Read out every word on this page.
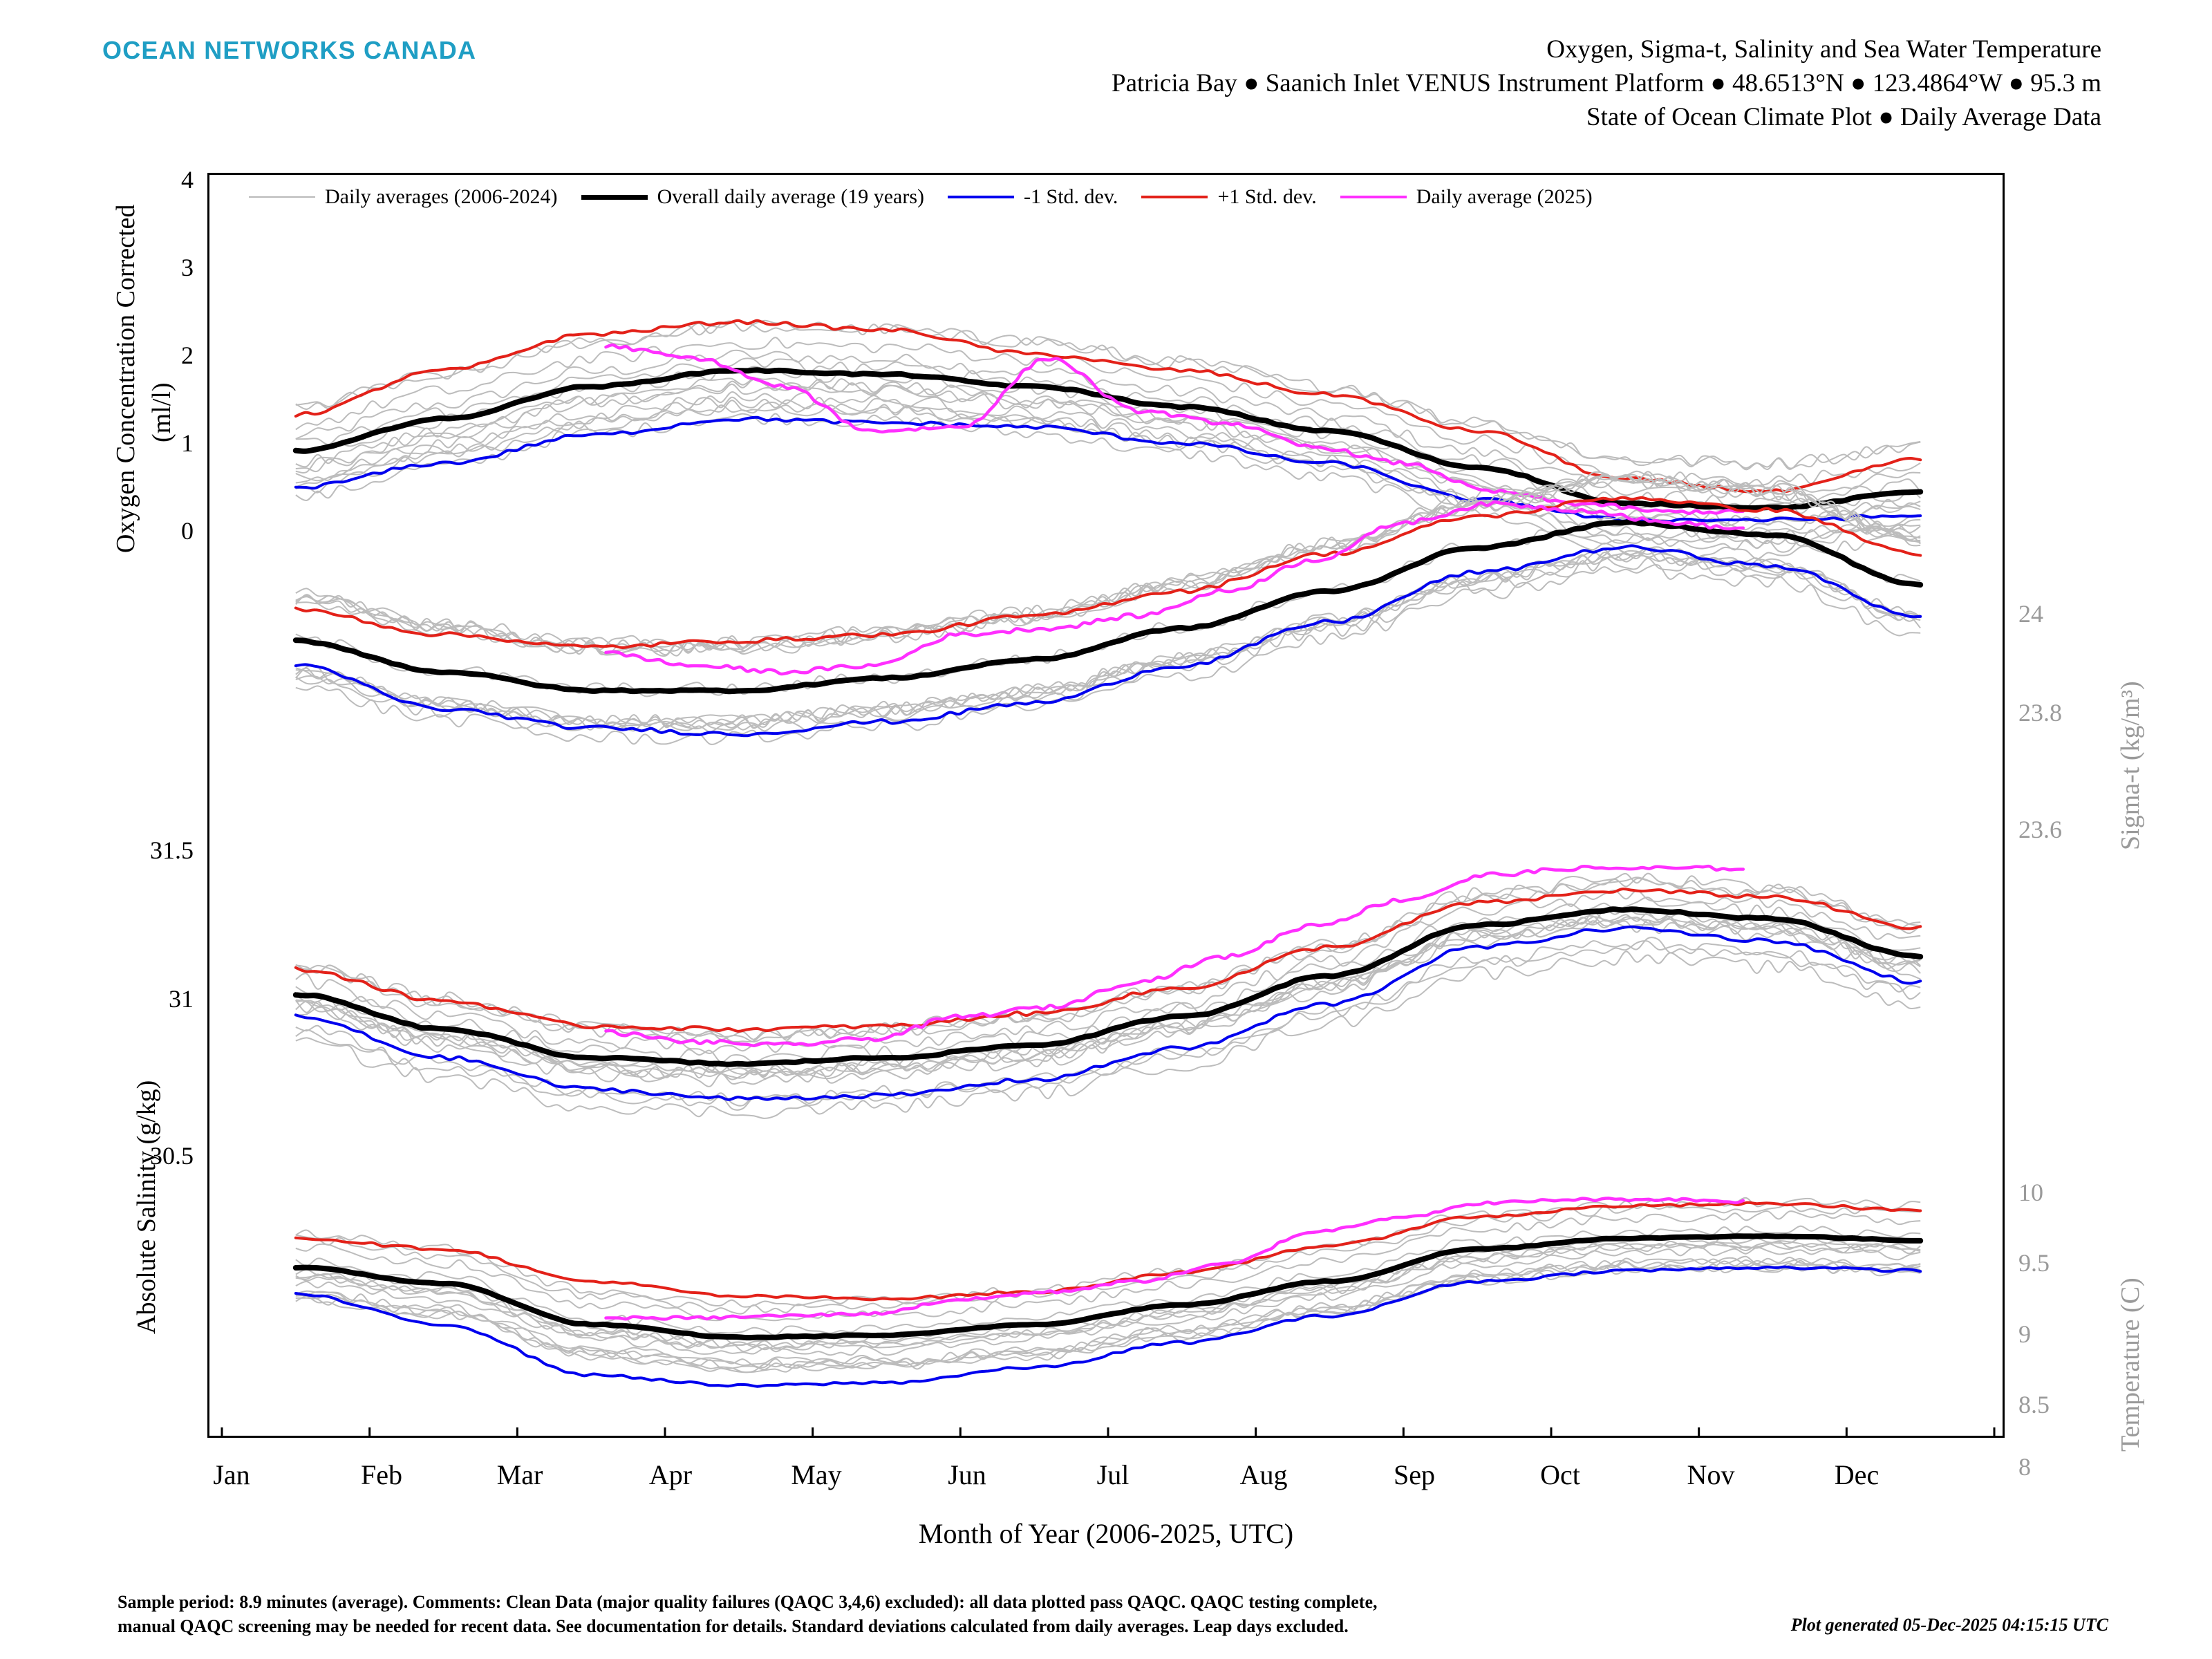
OCEAN NETWORKS CANADA	Oxygen, Sigma-t, Salinity and Sea Water Temperature
Patricia Bay ● Saanich Inlet VENUS Instrument Platform ● 48.6513°N ● 123.4864°W ● 95.3 m
State of Ocean Climate Plot ● Daily Average Data
Oxygen Concentration Corrected (ml/l)
Absolute Salinity (g/kg)
Sigma-t (kg/m³)
Temperature (C)
4
3
2
1
0
24
23.8
23.6
31.5
31
30.5
10
9.5
9
8.5
8
Jan	Feb	Mar	Apr	May	Jun	Jul	Aug	Sep	Oct	Nov	Dec
Month of Year (2006-2025, UTC)
Daily averages (2006-2024)	Overall daily average (19 years)	-1 Std. dev.	+1 Std. dev.	Daily average (2025)
Sample period: 8.9 minutes (average). Comments: Clean Data (major quality failures (QAQC 3,4,6) excluded): all data plotted pass QAQC. QAQC testing complete,
manual QAQC screening may be needed for recent data. See documentation for details. Standard deviations calculated from daily averages. Leap days excluded.	Plot generated 05-Dec-2025 04:15:15 UTC
